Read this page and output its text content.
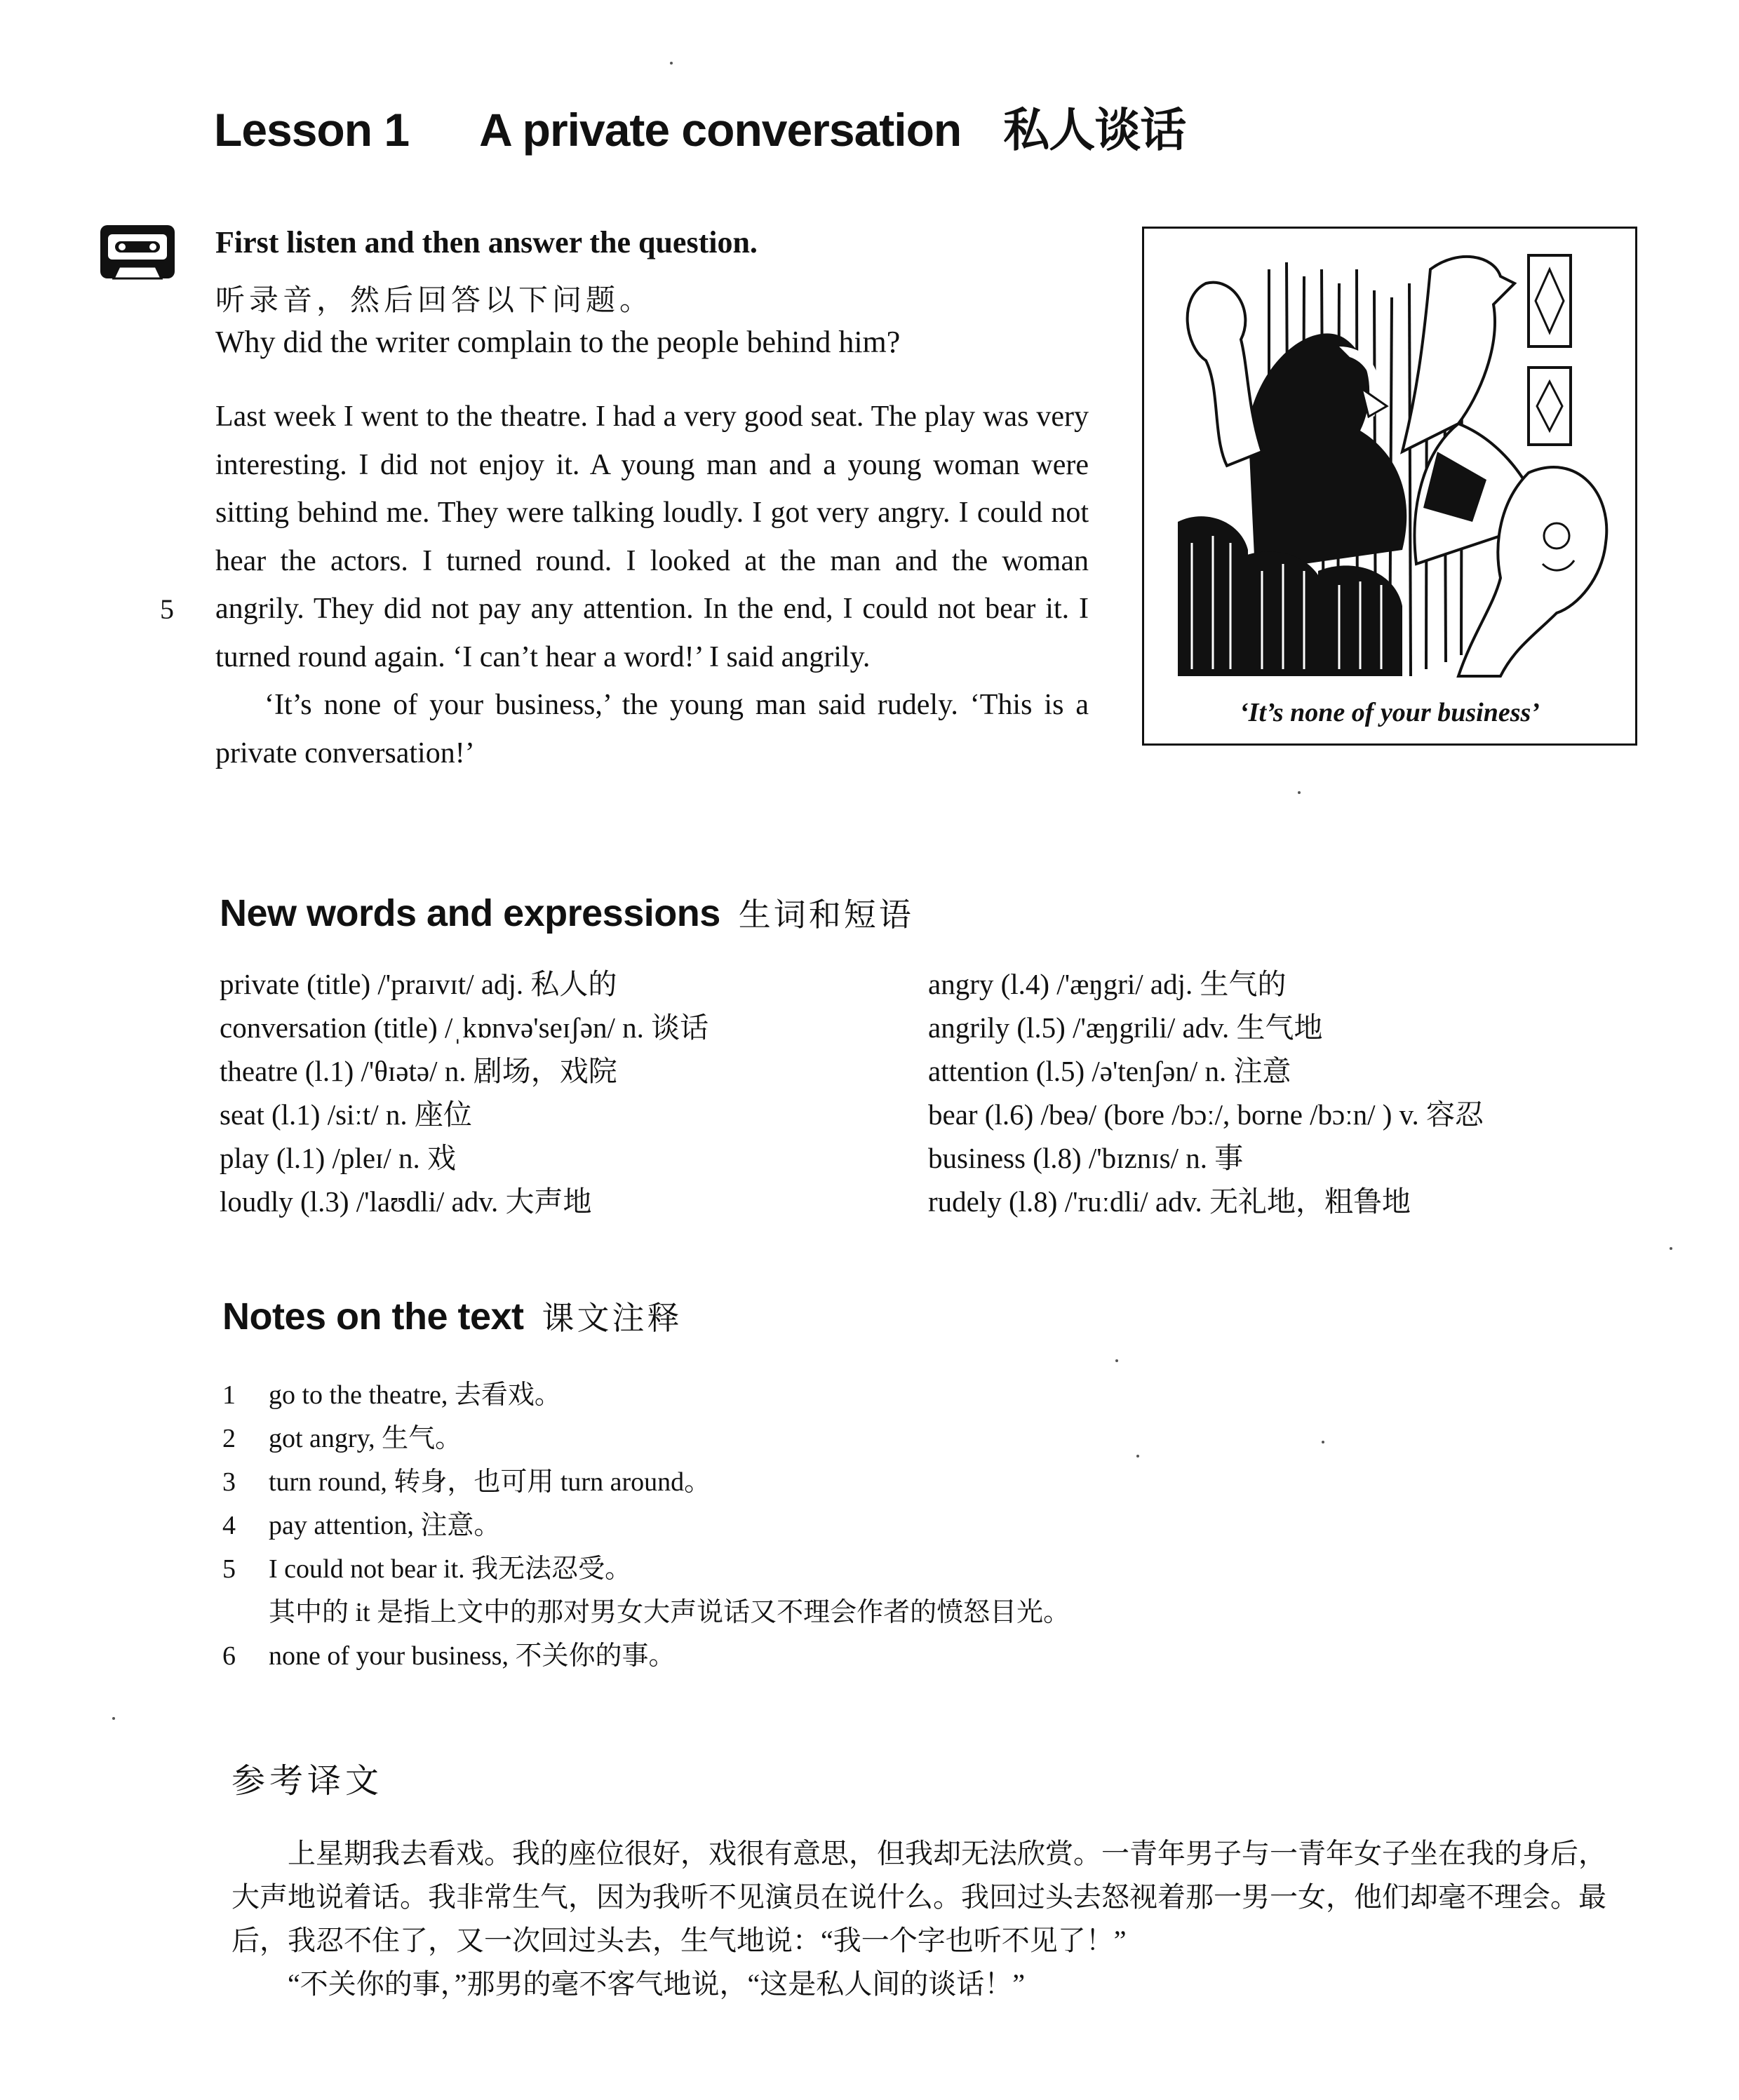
Lesson 1 A private conversation 私人谈话
First listen and then answer the question.
听录音，然后回答以下问题。
Why did the writer complain to the people behind him?

Last week I went to the theatre. I had a very good seat. The play was very interesting. I did not enjoy it. A young man and a young woman were sitting behind me. They were talking loudly. I got very angry. I could not hear the actors. I turned round. I looked at the man and the woman angrily. They did not pay any attention. In the end, I could not bear it. I turned round again. ‘I can’t hear a word!’ I said angrily.

‘It’s none of your business,’ the young man said rudely. ‘This is a private conversation!’

5
‘It’s none of your business’
New words and expressions 生词和短语
private (title) /'praɪvɪt/ adj. 私人的
conversation (title) /ˌkɒnvə'seɪʃən/ n. 谈话
theatre (l.1) /'θɪətə/ n. 剧场，戏院
seat (l.1) /siːt/ n. 座位
play (l.1) /pleɪ/ n. 戏
loudly (l.3) /'laʊdli/ adv. 大声地
angry (l.4) /'æŋgri/ adj. 生气的
angrily (l.5) /'æŋgrili/ adv. 生气地
attention (l.5) /ə'tenʃən/ n. 注意
bear (l.6) /beə/ (bore /bɔː/, borne /bɔːn/ ) v. 容忍
business (l.8) /'bɪznɪs/ n. 事
rudely (l.8) /'ruːdli/ adv. 无礼地，粗鲁地
Notes on the text 课文注释
1	go to the theatre, 去看戏。
2	got angry, 生气。
3	turn round, 转身，也可用 turn around。
4	pay attention, 注意。
5	I could not bear it. 我无法忍受。
其中的 it 是指上文中的那对男女大声说话又不理会作者的愤怒目光。
6	none of your business, 不关你的事。
参考译文

上星期我去看戏。我的座位很好，戏很有意思，但我却无法欣赏。一青年男子与一青年女子坐在我的身后，大声地说着话。我非常生气，因为我听不见演员在说什么。我回过头去怒视着那一男一女，他们却毫不理会。最后，我忍不住了，又一次回过头去，生气地说：“我一个字也听不见了！”

“不关你的事，”那男的毫不客气地说，“这是私人间的谈话！”
